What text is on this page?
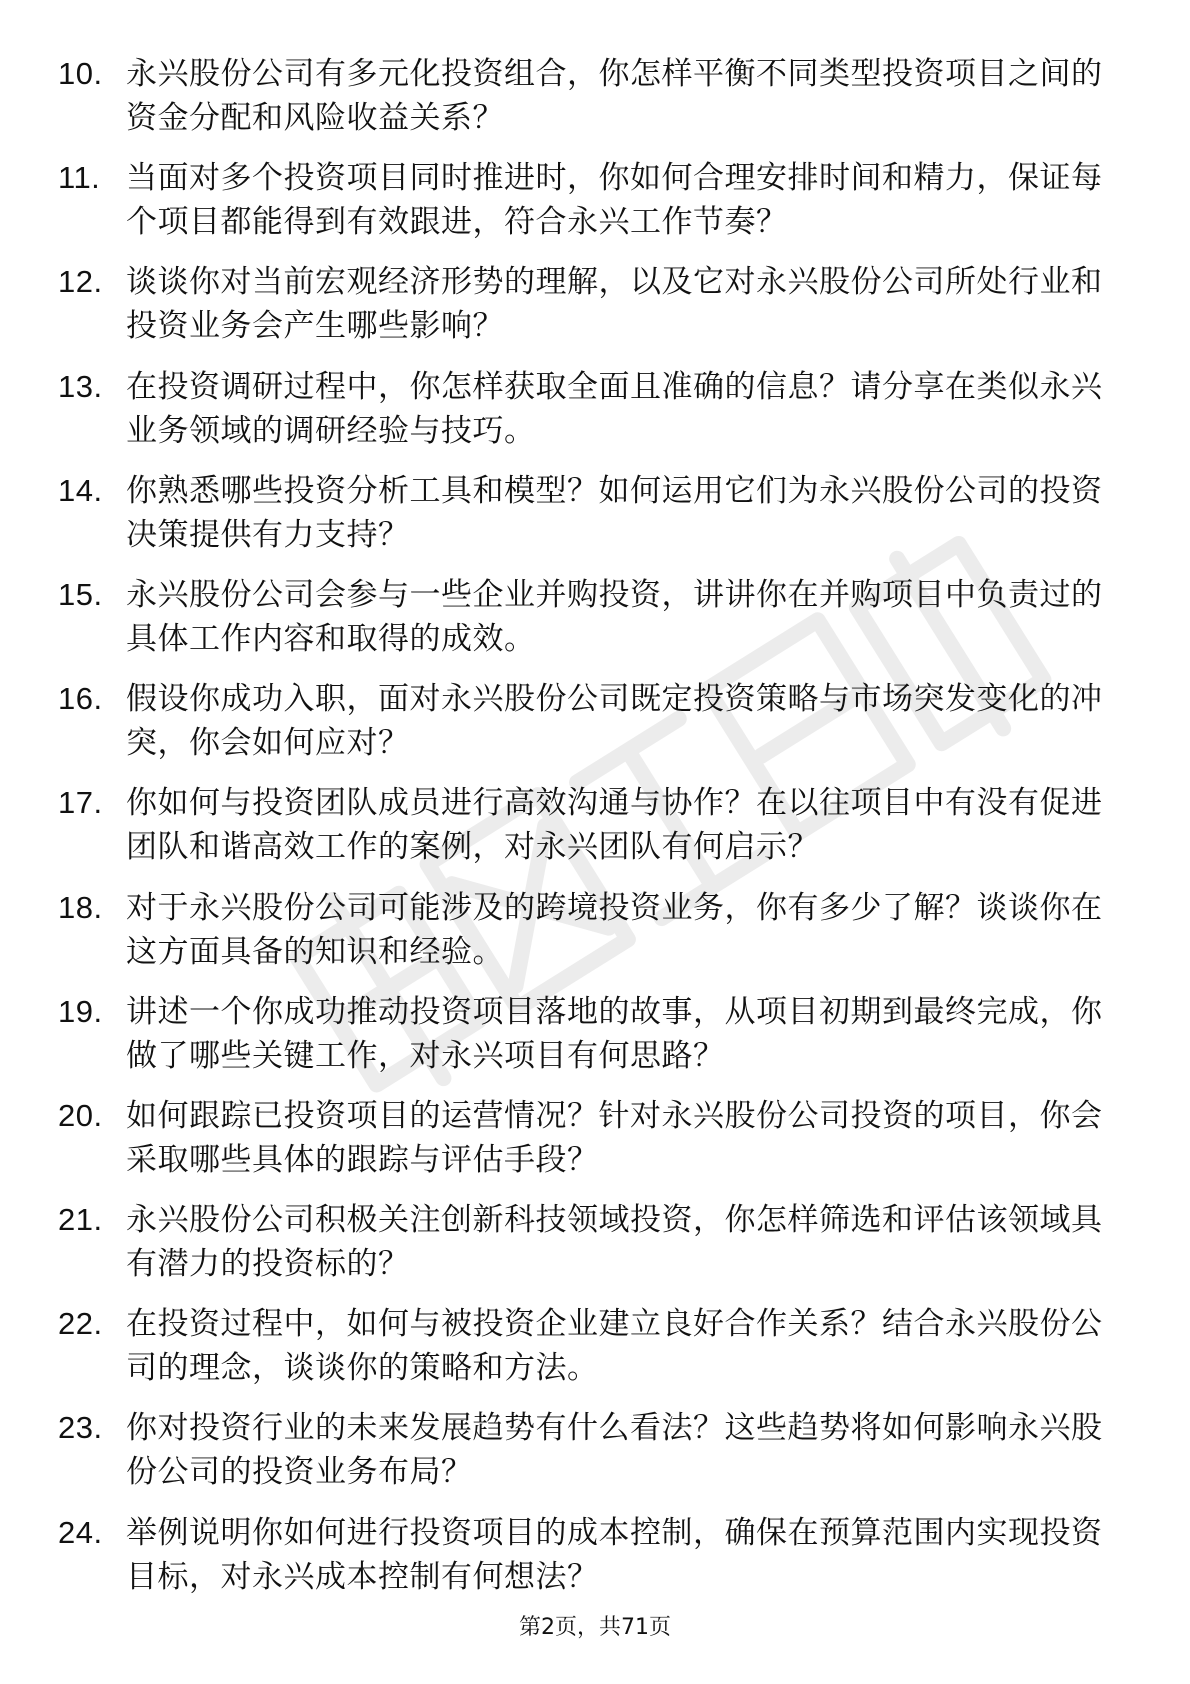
10. 永兴股份公司有多元化投资组合，你怎样平衡不同类型投资项目之间的资金分配和风险收益关系？
11. 当面对多个投资项目同时推进时，你如何合理安排时间和精力，保证每个项目都能得到有效跟进，符合永兴工作节奏？
12. 谈谈你对当前宏观经济形势的理解，以及它对永兴股份公司所处行业和投资业务会产生哪些影响？
13. 在投资调研过程中，你怎样获取全面且准确的信息？请分享在类似永兴业务领域的调研经验与技巧。
14. 你熟悉哪些投资分析工具和模型？如何运用它们为永兴股份公司的投资决策提供有力支持？
15. 永兴股份公司会参与一些企业并购投资，讲讲你在并购项目中负责过的具体工作内容和取得的成效。
16. 假设你成功入职，面对永兴股份公司既定投资策略与市场突发变化的冲突，你会如何应对？
17. 你如何与投资团队成员进行高效沟通与协作？在以往项目中有没有促进团队和谐高效工作的案例，对永兴团队有何启示？
18. 对于永兴股份公司可能涉及的跨境投资业务，你有多少了解？谈谈你在这方面具备的知识和经验。
19. 讲述一个你成功推动投资项目落地的故事，从项目初期到最终完成，你做了哪些关键工作，对永兴项目有何思路？
20. 如何跟踪已投资项目的运营情况？针对永兴股份公司投资的项目，你会采取哪些具体的跟踪与评估手段？
21. 永兴股份公司积极关注创新科技领域投资，你怎样筛选和评估该领域具有潜力的投资标的？
22. 在投资过程中，如何与被投资企业建立良好合作关系？结合永兴股份公司的理念，谈谈你的策略和方法。
23. 你对投资行业的未来发展趋势有什么看法？这些趋势将如何影响永兴股份公司的投资业务布局？
24. 举例说明你如何进行投资项目的成本控制，确保在预算范围内实现投资目标，对永兴成本控制有何想法？
第2页，共71页
